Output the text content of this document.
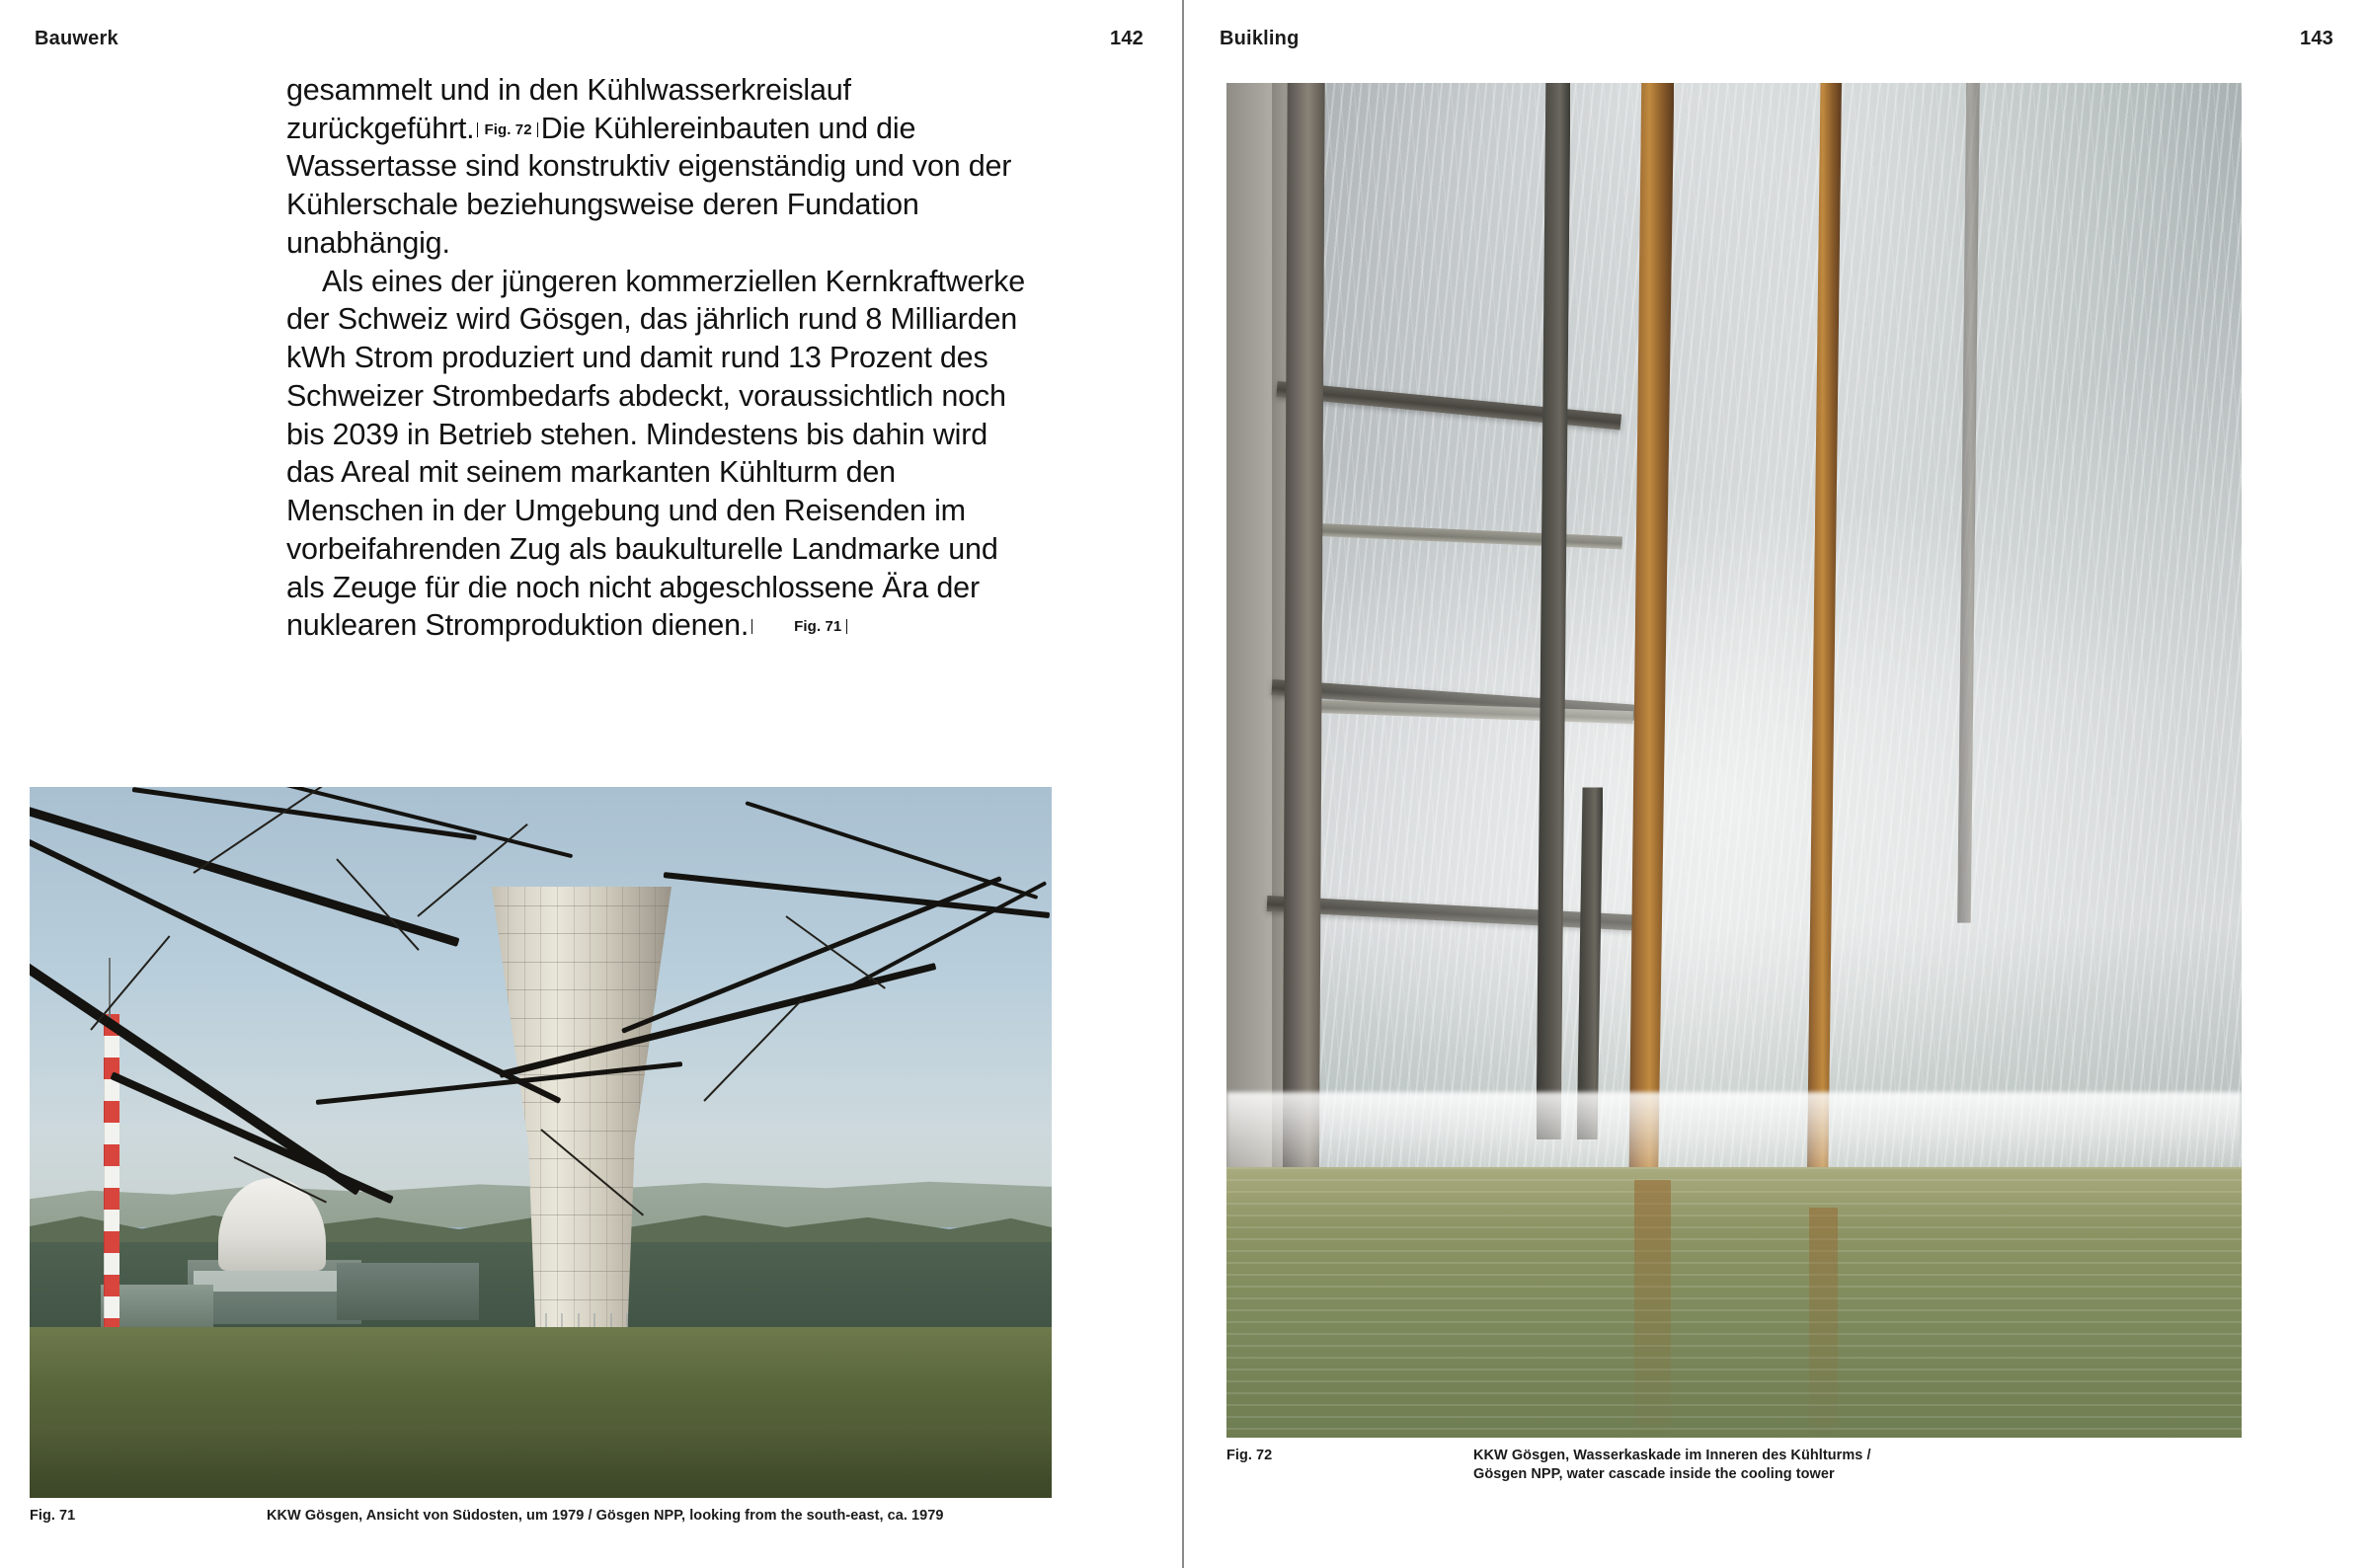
Bauwerk	142

gesammelt und in den Kühlwasserkreislauf zurückgeführt. Fig. 72 Die Kühlereinbauten und die Wassertasse sind konstruktiv eigenständig und von der Kühlerschale beziehungsweise deren Fundation unabhängig.

Als eines der jüngeren kommerziellen Kernkraftwerke der Schweiz wird Gösgen, das jährlich rund 8 Milliarden kWh Strom produziert und damit rund 13 Prozent des Schweizer Strombedarfs abdeckt, voraussichtlich noch bis 2039 in Betrieb stehen. Mindestens bis dahin wird das Areal mit seinem markanten Kühlturm den Menschen in der Umgebung und den Reisenden im vorbeifahrenden Zug als baukulturelle Landmarke und als Zeuge für die noch nicht abgeschlossene Ära der nuklearen Stromproduktion dienen.	Fig. 71

Fig. 71	KKW Gösgen, Ansicht von Südosten, um 1979 / Gösgen NPP, looking from the south-east, ca. 1979
Buikling	143
Fig. 72	KKW Gösgen, Wasserkaskade im Inneren des Kühlturms /
Gösgen NPP, water cascade inside the cooling tower
